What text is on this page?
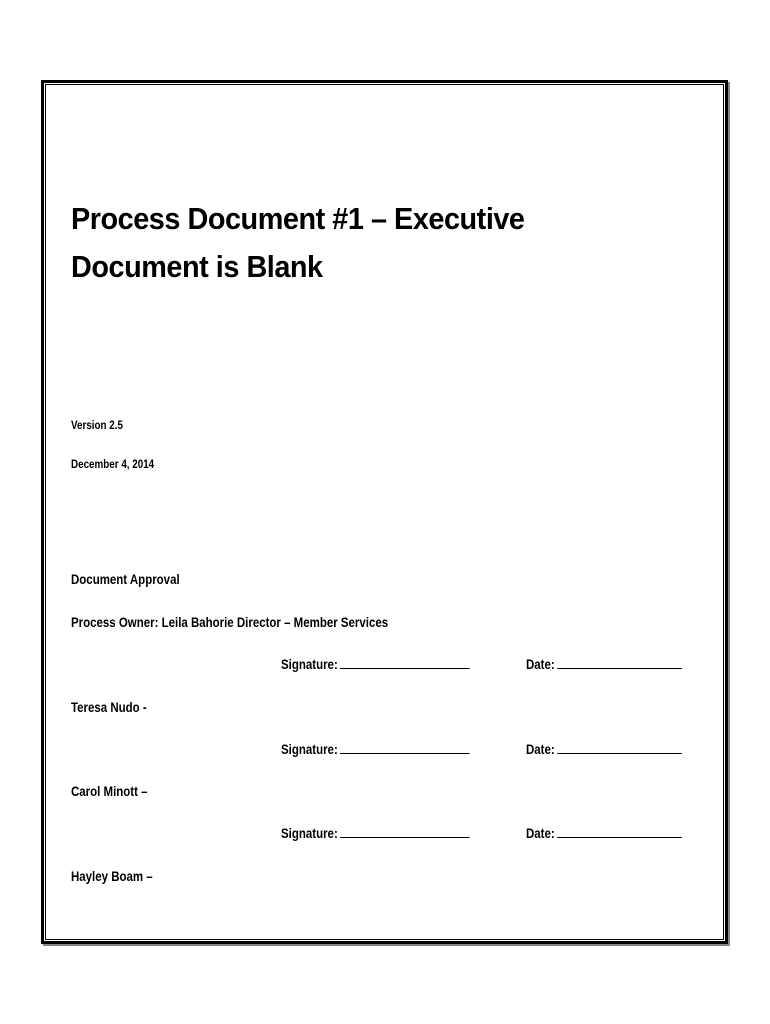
Process Document #1 – Executive Document is Blank
Version 2.5
December 4, 2014
Document Approval
Process Owner: Leila Bahorie Director – Member Services
Signature:	Date:
Teresa Nudo -
Signature:	Date:
Carol Minott –
Signature:	Date:
Hayley Boam –
